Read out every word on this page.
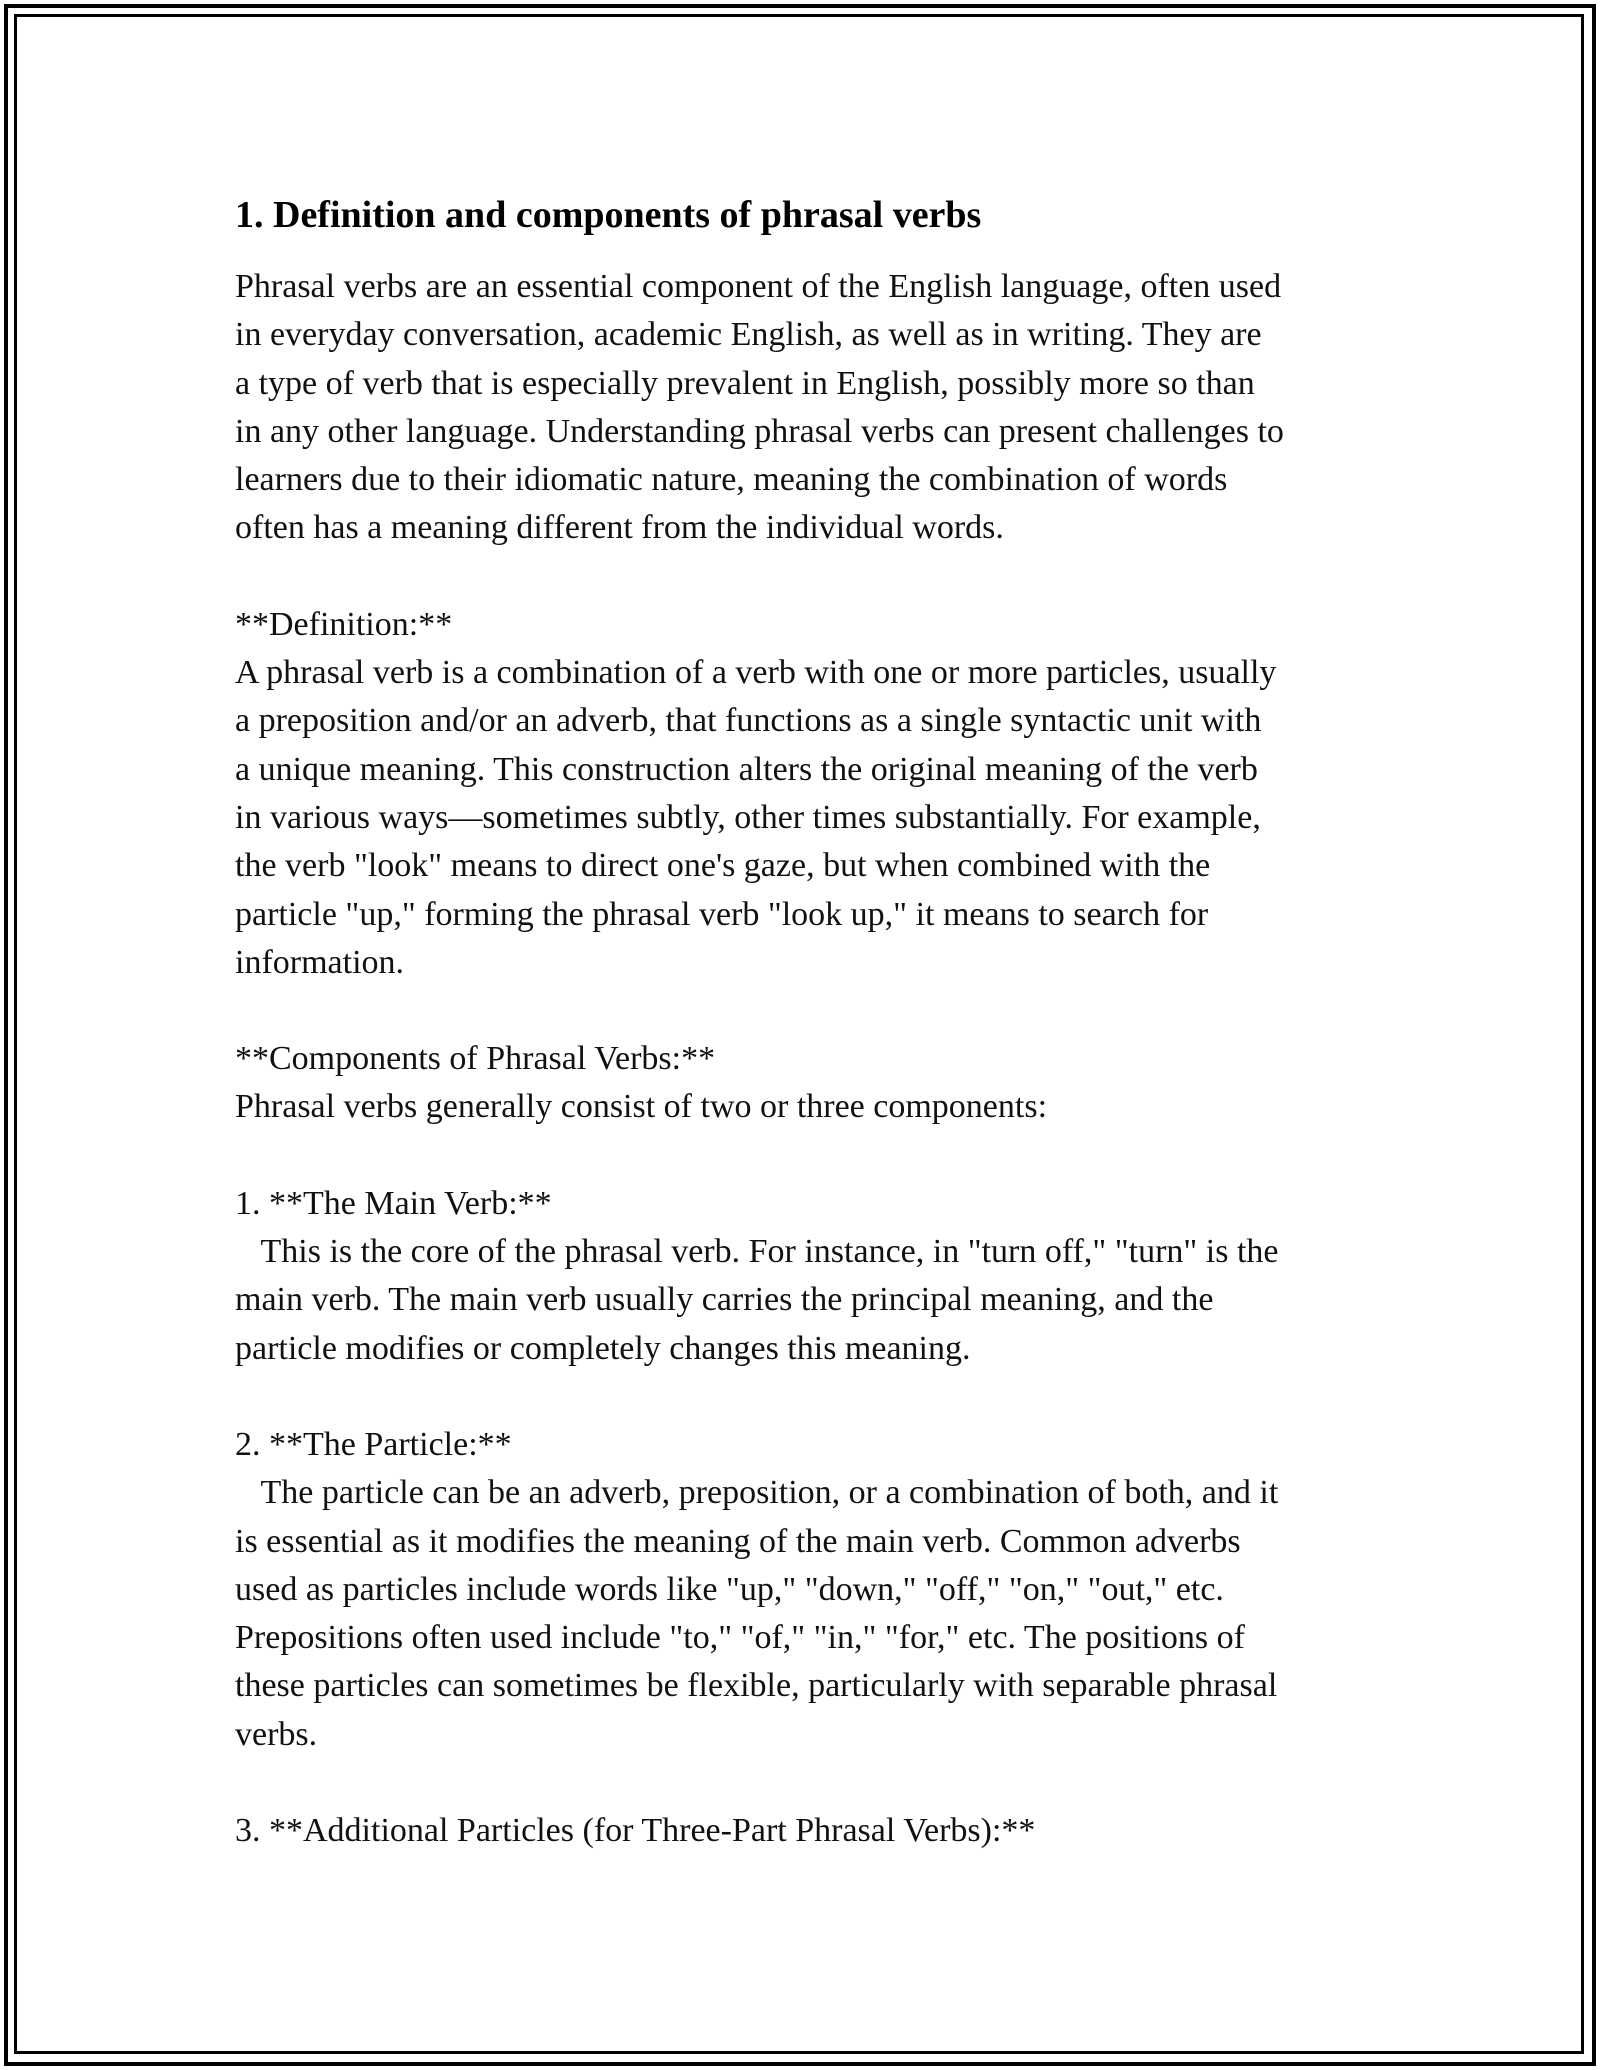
1. Definition and components of phrasal verbs

Phrasal verbs are an essential component of the English language, often used
in everyday conversation, academic English, as well as in writing. They are
a type of verb that is especially prevalent in English, possibly more so than
in any other language. Understanding phrasal verbs can present challenges to
learners due to their idiomatic nature, meaning the combination of words
often has a meaning different from the individual words.

**Definition:**

A phrasal verb is a combination of a verb with one or more particles, usually
a preposition and/or an adverb, that functions as a single syntactic unit with
a unique meaning. This construction alters the original meaning of the verb
in various ways—sometimes subtly, other times substantially. For example,
the verb "look" means to direct one's gaze, but when combined with the
particle "up," forming the phrasal verb "look up," it means to search for
information.

**Components of Phrasal Verbs:**

Phrasal verbs generally consist of two or three components:

1. **The Main Verb:**

This is the core of the phrasal verb. For instance, in "turn off," "turn" is the
main verb. The main verb usually carries the principal meaning, and the
particle modifies or completely changes this meaning.

2. **The Particle:**

The particle can be an adverb, preposition, or a combination of both, and it
is essential as it modifies the meaning of the main verb. Common adverbs
used as particles include words like "up," "down," "off," "on," "out," etc.
Prepositions often used include "to," "of," "in," "for," etc. The positions of
these particles can sometimes be flexible, particularly with separable phrasal
verbs.

3. **Additional Particles (for Three-Part Phrasal Verbs):**
